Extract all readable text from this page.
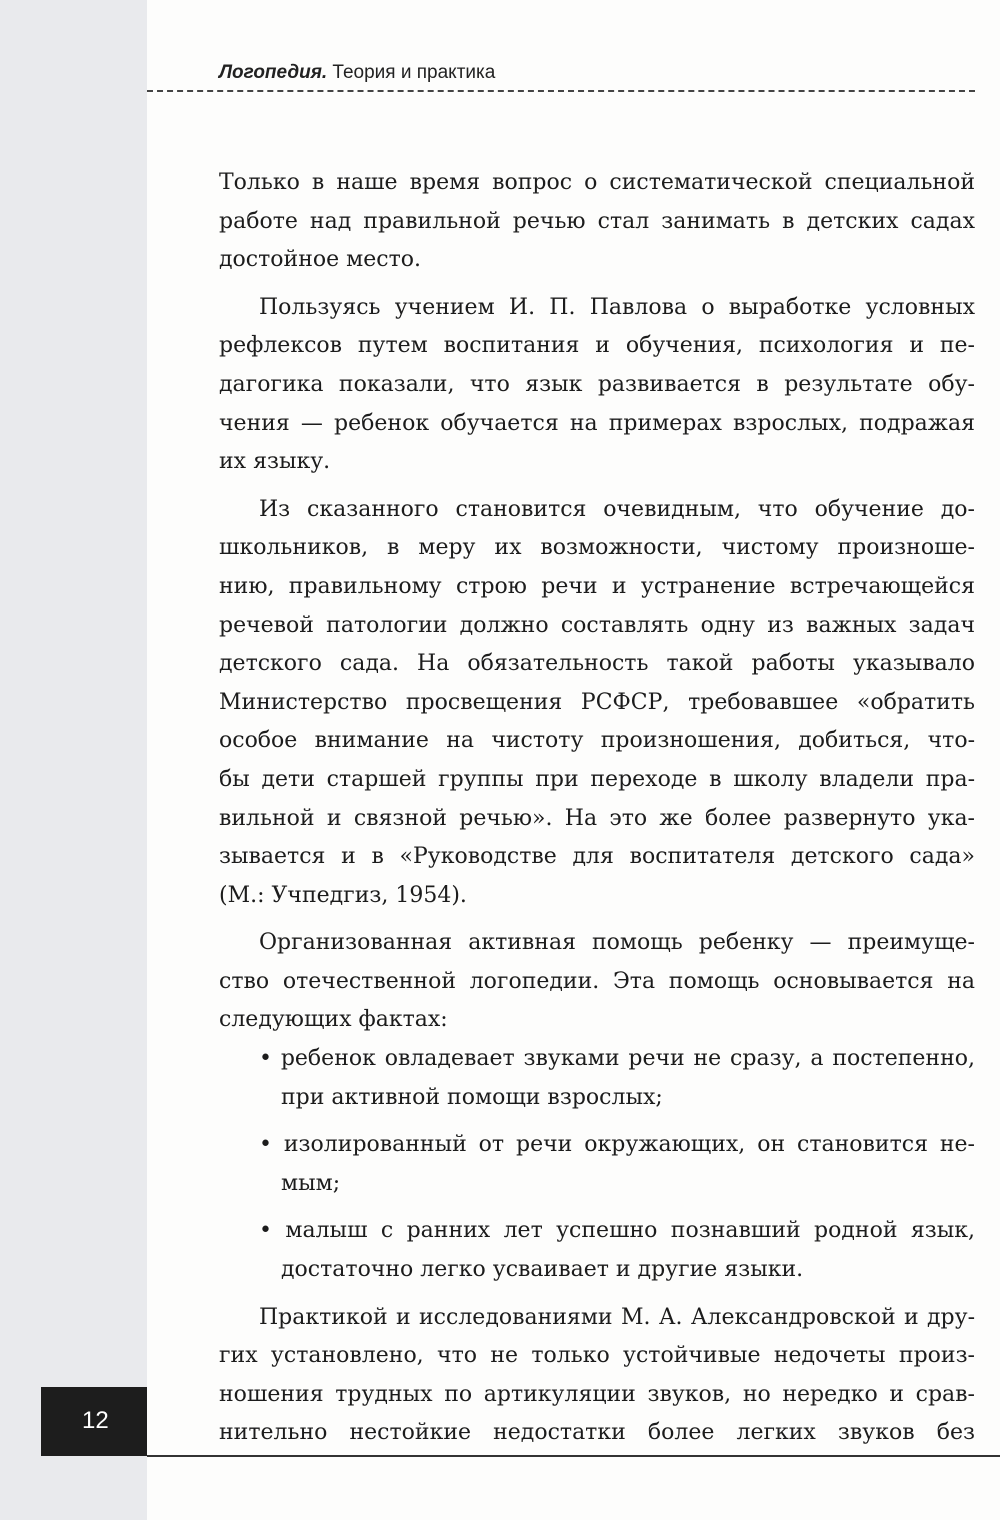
Логопедия. Теория и практика
Только в наше время вопрос о систематической специальной
работе над правильной речью стал занимать в детских садах
достойное место.
Пользуясь учением И. П. Павлова о выработке условных
рефлексов путем воспитания и обучения, психология и пе-
дагогика показали, что язык развивается в результате обу-
чения — ребенок обучается на примерах взрослых, подражая
их языку.
Из сказанного становится очевидным, что обучение до-
школьников, в меру их возможности, чистому произноше-
нию, правильному строю речи и устранение встречающейся
речевой патологии должно составлять одну из важных задач
детского сада. На обязательность такой работы указывало
Министерство просвещения РСФСР, требовавшее «обратить
особое внимание на чистоту произношения, добиться, что-
бы дети старшей группы при переходе в школу владели пра-
вильной и связной речью». На это же более развернуто ука-
зывается и в «Руководстве для воспитателя детского сада»
(М.: Учпедгиз, 1954).
Организованная активная помощь ребенку — преимуще-
ство отечественной логопедии. Эта помощь основывается на
следующих фактах:
• ребенок овладевает звуками речи не сразу, а постепенно,
при активной помощи взрослых;
• изолированный от речи окружающих, он становится не-
мым;
• малыш с ранних лет успешно познавший родной язык,
достаточно легко усваивает и другие языки.
Практикой и исследованиями М. А. Александровской и дру-
гих установлено, что не только устойчивые недочеты произ-
ношения трудных по артикуляции звуков, но нередко и срав-
нительно нестойкие недостатки более легких звуков без
12
